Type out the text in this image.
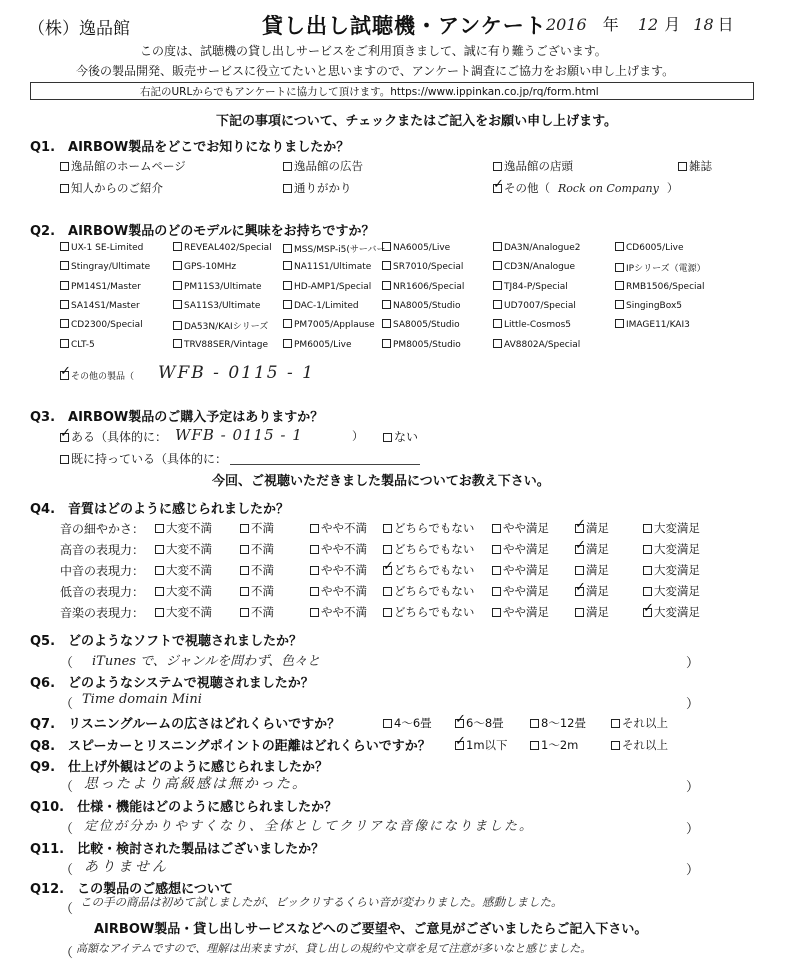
（株）逸品館	貸し出し試聴機・アンケート 2016 年 12 月 18 日
この度は、試聴機の貸し出しサービスをご利用頂きまして、誠に有り難うございます。
今後の製品開発、販売サービスに役立てたいと思いますので、アンケート調査にご協力をお願い申し上げます。
右記のURLからでもアンケートに協力して頂けます。https://www.ippinkan.co.jp/rq/form.html
下記の事項について、チェックまたはご記入をお願い申し上げます。
Q1.　AIRBOW製品をどこでお知りになりましたか？
逸品館のホームページ	逸品館の広告	逸品館の店頭	雑誌
知人からのご紹介	通りがかり	✓ その他（ Rock on Company ）
Q2.　AIRBOW製品のどのモデルに興味をお持ちですか？
UX-1 SE-Limited	REVEAL402/Special	MSS/MSP-i5(サーバー NA6005/Live	DA3N/Analogue2	CD6005/Live
Stingray/Ultimate	GPS-10MHz	NA11S1/Ultimate	SR7010/Special	CD3N/Analogue	IPシリーズ（電源）
PM14S1/Master	PM11S3/Ultimate	HD-AMP1/Special	NR1606/Special	TJ84-P/Special	RMB1506/Special
SA14S1/Master	SA11S3/Ultimate	DAC-1/Limited	NA8005/Studio	UD7007/Special	SingingBox5
CD2300/Special	DA53N/KAIシリーズ	PM7005/Applause	SA8005/Studio	Little-Cosmos5	IMAGE11/KAI3
CLT-5	TRV88SER/Vintage	PM6005/Live	PM8005/Studio	AV8802A/Special
✓ その他の製品（ WFB - 0115 - 1
Q3.　AIRBOW製品のご購入予定はありますか？
✓ ある（具体的に： WFB - 0115 - 1	）	ない
既に持っている（具体的に：
今回、ご視聴いただきました製品についてお教え下さい。
Q4.　音質はどのように感じられましたか？
音の細やかさ：	大変不満	不満	やや不満	どちらでもない	やや満足 ✓ 満足	大変満足
高音の表現力：	大変不満	不満	やや不満	どちらでもない	やや満足 ✓ 満足	大変満足
中音の表現力：	大変不満	不満	やや不満 ✓ どちらでもない	やや満足	満足	大変満足
低音の表現力：	大変不満	不満	やや不満	どちらでもない	やや満足 ✓ 満足	大変満足
音楽の表現力：	大変不満	不満	やや不満	どちらでもない	やや満足	満足	✓ 大変満足
Q5.　どのようなソフトで視聴されましたか？
（ iTunes で、ジャンルを問わず、色々と	）
Q6.　どのようなシステムで視聴されましたか？
（ Time domain Mini	）
Q7.　リスニングルームの広さはどれくらいですか？	4〜6畳 ✓ 6〜8畳	8〜12畳	それ以上
Q8.　スピーカーとリスニングポイントの距離はどれくらいですか？ ✓ 1m以下	1〜2m	それ以上
Q9.　仕上げ外観はどのように感じられましたか？
（ 思ったより高級感は無かった。	）
Q10.　仕様・機能はどのように感じられましたか？
（ 定位が分かりやすくなり、全体としてクリアな音像になりました。	）
Q11.　比較・検討された製品はございましたか？
（ ありません	）
Q12.　この製品のご感想について
（ この手の商品は初めて試しましたが、ビックリするくらい音が変わりました。感動しました。
AIRBOW製品・貸し出しサービスなどへのご要望や、ご意見がございましたらご記入下さい。
（ 高額なアイテムですので、理解は出来ますが、貸し出しの規約や文章を見て注意が多いなと感じました。
